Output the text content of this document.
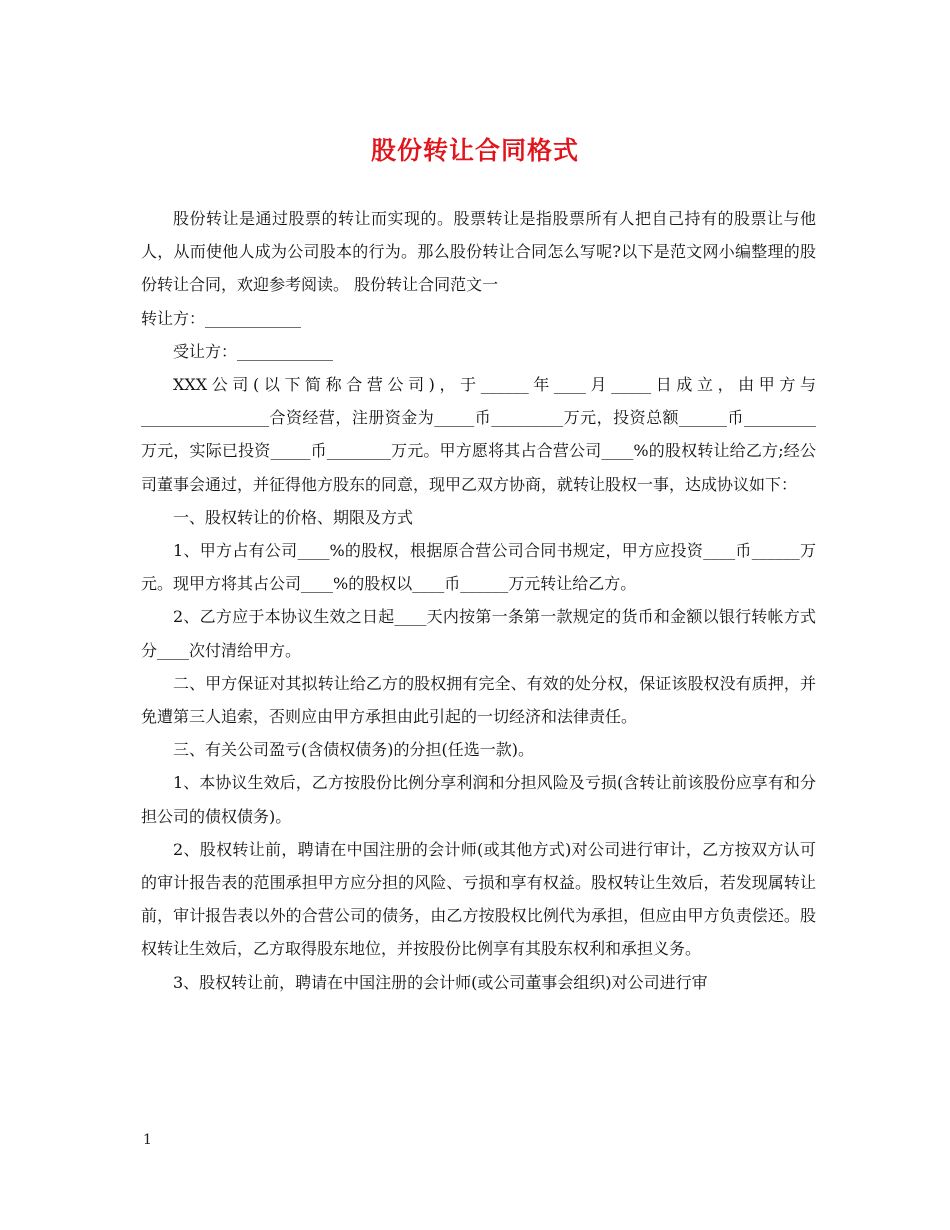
股份转让合同格式

股份转让是通过股票的转让而实现的。股票转让是指股票所有人把自己持有的股票让与他人，从而使他人成为公司股本的行为。那么股份转让合同怎么写呢?以下是范文网小编整理的股份转让合同，欢迎参考阅读。 股份转让合同范文一

转让方：____________

受让方：____________

XXX公司(以下简称合营公司)，于______年____月_____日成立，由甲方与________________合资经营，注册资金为_____币_________万元，投资总额______币_________万元，实际已投资_____币________万元。甲方愿将其占合营公司____%的股权转让给乙方;经公司董事会通过，并征得他方股东的同意，现甲乙双方协商，就转让股权一事，达成协议如下：

一、股权转让的价格、期限及方式

1、甲方占有公司____%的股权，根据原合营公司合同书规定，甲方应投资____币______万元。现甲方将其占公司____%的股权以____币______万元转让给乙方。

2、乙方应于本协议生效之日起____天内按第一条第一款规定的货币和金额以银行转帐方式分____次付清给甲方。

二、甲方保证对其拟转让给乙方的股权拥有完全、有效的处分权，保证该股权没有质押，并免遭第三人追索，否则应由甲方承担由此引起的一切经济和法律责任。

三、有关公司盈亏(含债权债务)的分担(任选一款)。

1、本协议生效后，乙方按股份比例分享利润和分担风险及亏损(含转让前该股份应享有和分担公司的债权债务)。

2、股权转让前，聘请在中国注册的会计师(或其他方式)对公司进行审计，乙方按双方认可的审计报告表的范围承担甲方应分担的风险、亏损和享有权益。股权转让生效后，若发现属转让前，审计报告表以外的合营公司的债务，由乙方按股权比例代为承担，但应由甲方负责偿还。股权转让生效后，乙方取得股东地位，并按股份比例享有其股东权利和承担义务。

3、股权转让前，聘请在中国注册的会计师(或公司董事会组织)对公司进行审

1
